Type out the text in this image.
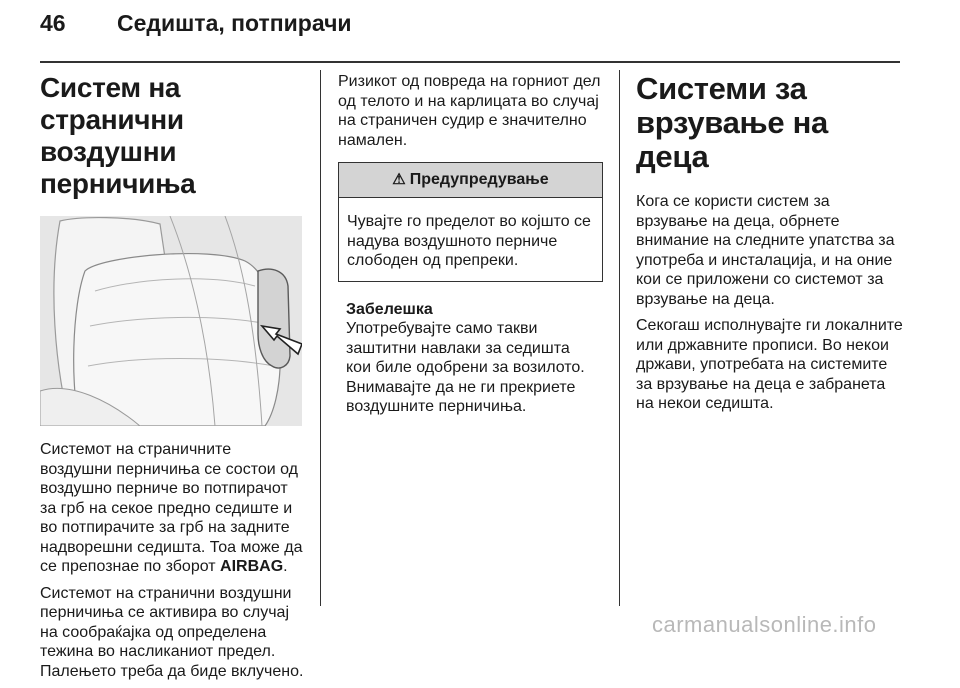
46 Седишта, потпирачи
Систем на странични воздушни перничиња

Системот на страничните воздушни перничиња се состои од воздушно перниче во потпирачот за грб на секое предно седиште и во потпирачите за грб на задните надворешни седишта. Тоа може да се препознае по зборот AIRBAG.

Системот на странични воздушни перничиња се активира во случај на сообраќајка од определена тежина во насликаниот предел. Палењето треба да биде вклучено.

Ризикот од повреда на горниот дел од телото и на карлицата во случај на страничен судир е значително намален.

⚠ Предупредување
Чувајте го пределот во којшто се надува воздушното перниче слободен од препреки.
Забелешка
Употребувајте само такви заштитни навлаки за седишта кои биле одобрени за возилото. Внимавајте да не ги прекриете воздушните перничиња.
Системи за врзување на деца

Кога се користи систем за врзување на деца, обрнете внимание на следните упатства за употреба и инсталација, и на оние кои се приложени со системот за врзување на деца.

Секогаш исполнувајте ги локалните или државните прописи. Во некои држави, употребата на системите за врзување на деца е забранета на некои седишта.

carmanualsonline.info
